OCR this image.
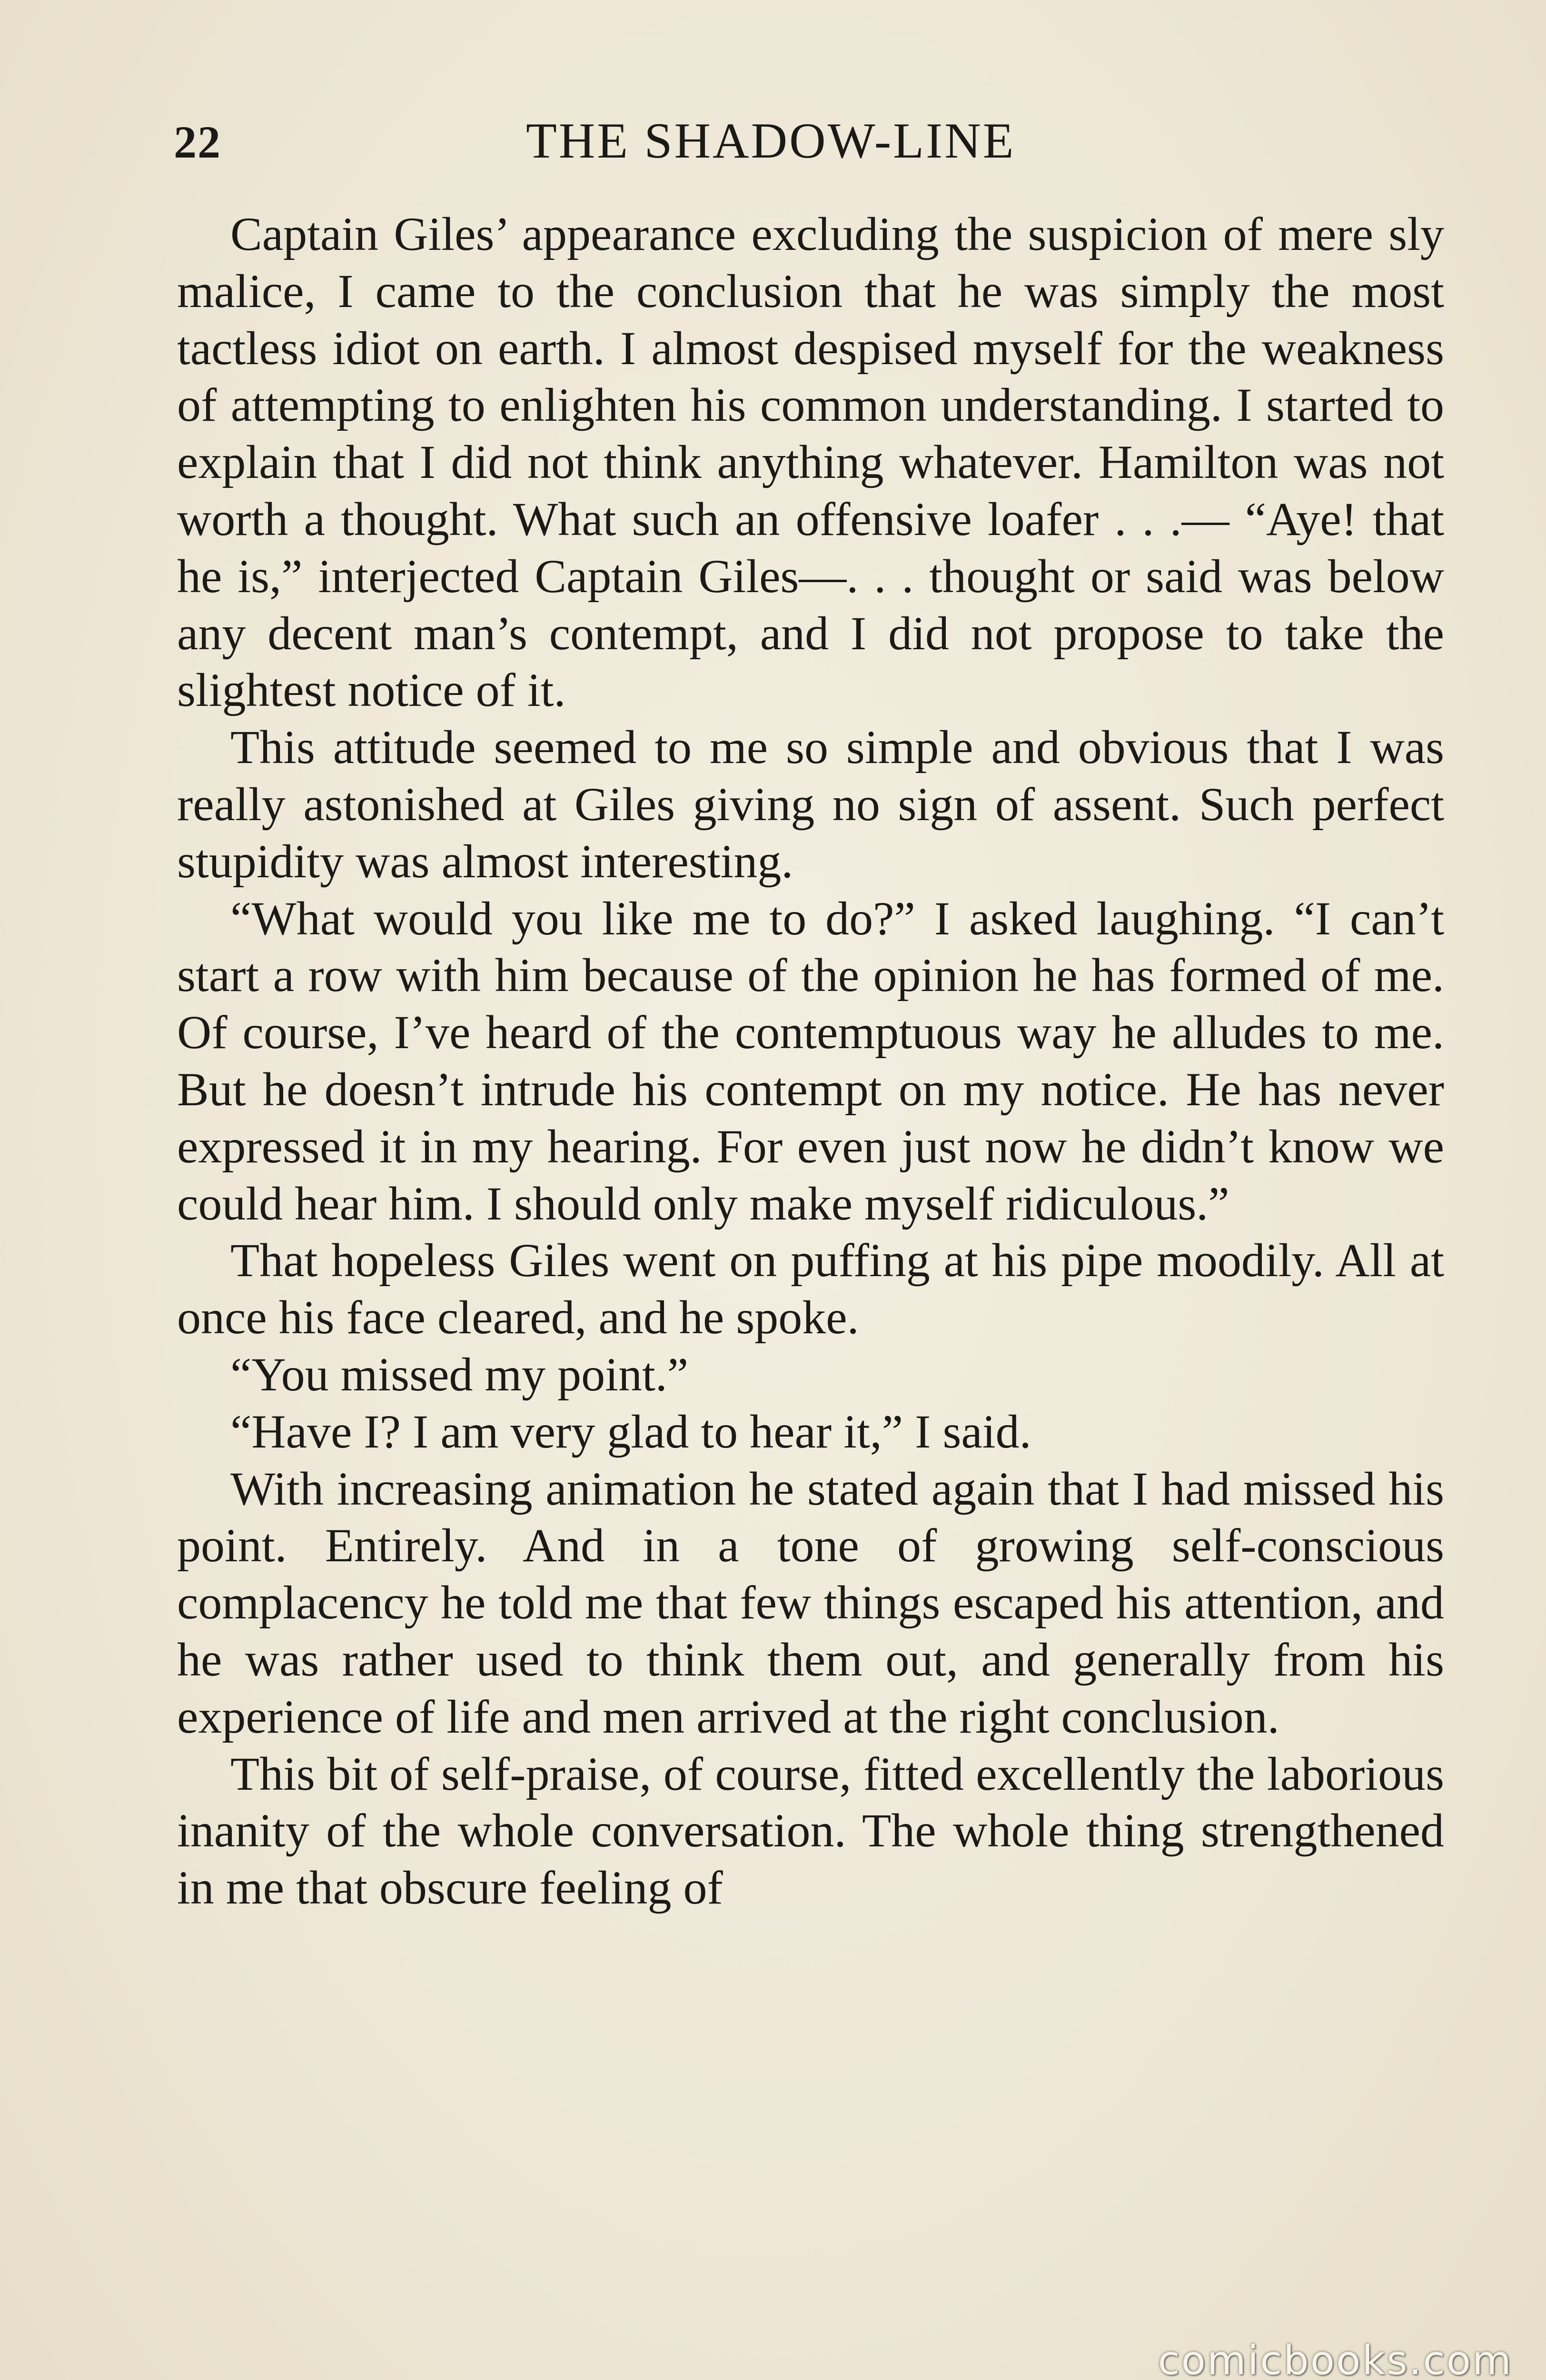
22	THE SHADOW-LINE

Captain Giles’ appearance excluding the suspicion of mere sly malice, I came to the conclusion that he was simply the most tactless idiot on earth. I almost despised myself for the weakness of attempting to enlighten his common understanding. I started to explain that I did not think anything whatever. Hamilton was not worth a thought. What such an offensive loafer . . .— “Aye! that he is,” interjected Captain Giles—. . . thought or said was below any decent man’s contempt, and I did not propose to take the slightest notice of it.

This attitude seemed to me so simple and obvious that I was really astonished at Giles giving no sign of assent. Such perfect stupidity was almost interesting.

“What would you like me to do?” I asked laughing. “I can’t start a row with him because of the opinion he has formed of me. Of course, I’ve heard of the contemptuous way he alludes to me. But he doesn’t intrude his contempt on my notice. He has never expressed it in my hearing. For even just now he didn’t know we could hear him. I should only make myself ridiculous.”

That hopeless Giles went on puffing at his pipe moodily. All at once his face cleared, and he spoke.

“You missed my point.”

“Have I? I am very glad to hear it,” I said.

With increasing animation he stated again that I had missed his point. Entirely. And in a tone of growing self-conscious complacency he told me that few things escaped his attention, and he was rather used to think them out, and generally from his experience of life and men arrived at the right conclusion.

This bit of self-praise, of course, fitted excellently the laborious inanity of the whole conversation. The whole thing strengthened in me that obscure feeling of

comicbooks.com
